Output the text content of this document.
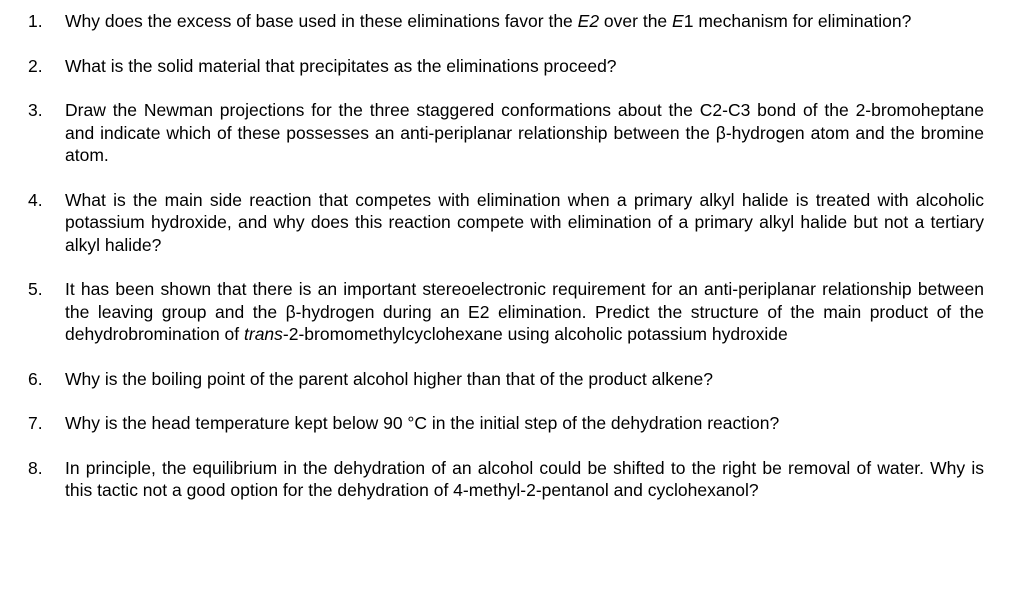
1.	Why does the excess of base used in these eliminations favor the E2 over the E1 mechanism for elimination?
2.	What is the solid material that precipitates as the eliminations proceed?
3.	Draw the Newman projections for the three staggered conformations about the C2-C3 bond of the 2-bromoheptane and indicate which of these possesses an anti-periplanar relationship between the β-hydrogen atom and the bromine atom.
4.	What is the main side reaction that competes with elimination when a primary alkyl halide is treated with alcoholic potassium hydroxide, and why does this reaction compete with elimination of a primary alkyl halide but not a tertiary alkyl halide?
5.	It has been shown that there is an important stereoelectronic requirement for an anti-periplanar relationship between the leaving group and the β-hydrogen during an E2 elimination. Predict the structure of the main product of the dehydrobromination of trans-2-bromomethylcyclohexane using alcoholic potassium hydroxide
6.	Why is the boiling point of the parent alcohol higher than that of the product alkene?
7.	Why is the head temperature kept below 90 °C in the initial step of the dehydration reaction?
8.	In principle, the equilibrium in the dehydration of an alcohol could be shifted to the right be removal of water. Why is this tactic not a good option for the dehydration of 4-methyl-2-pentanol and cyclohexanol?
